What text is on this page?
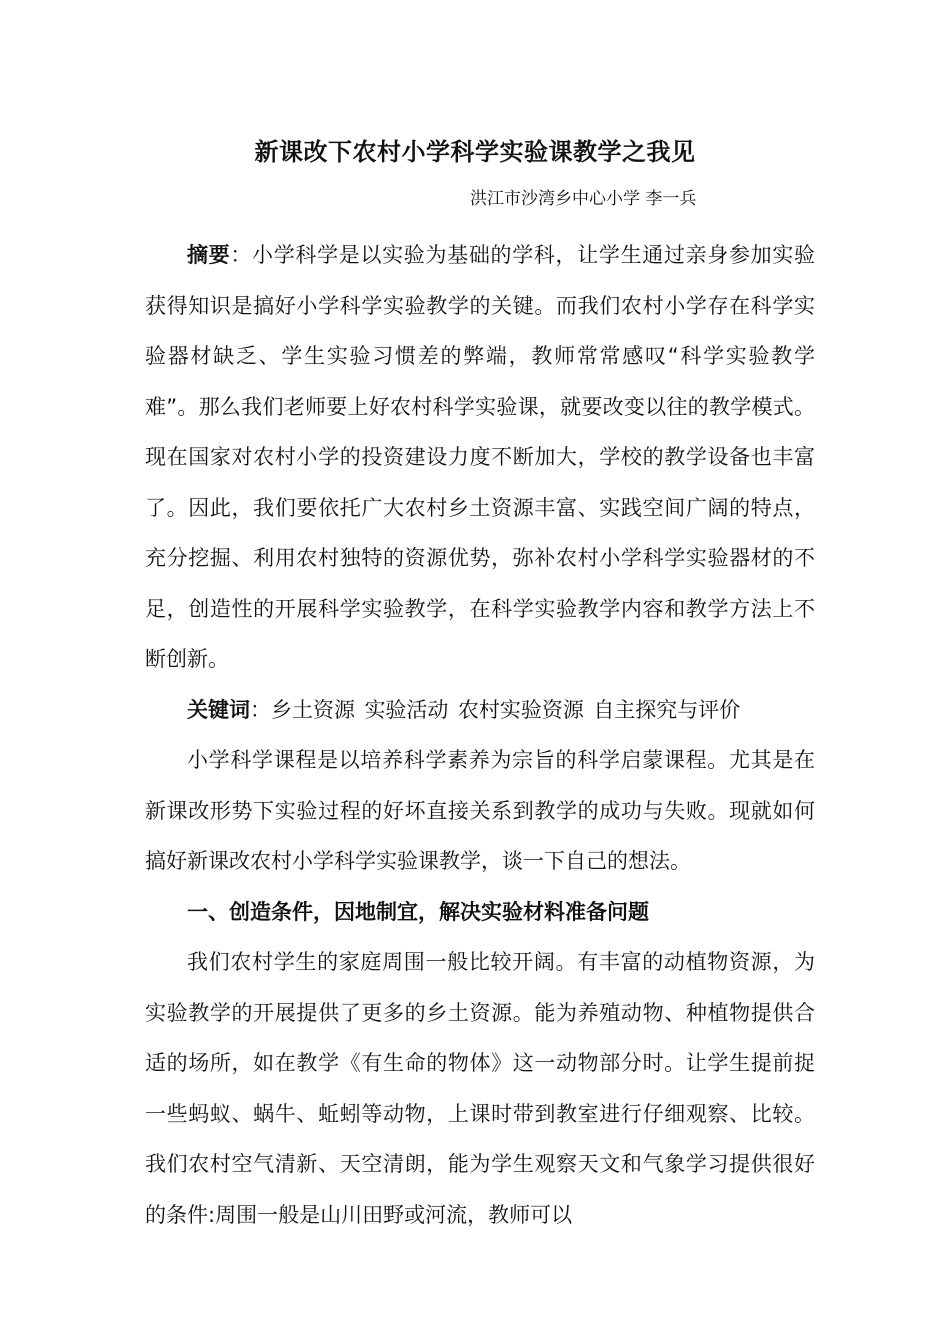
新课改下农村小学科学实验课教学之我见
洪江市沙湾乡中心小学 李一兵

摘要：小学科学是以实验为基础的学科，让学生通过亲身参加实验获得知识是搞好小学科学实验教学的关键。而我们农村小学存在科学实验器材缺乏、学生实验习惯差的弊端，教师常常感叹“科学实验教学难”。那么我们老师要上好农村科学实验课，就要改变以往的教学模式。现在国家对农村小学的投资建设力度不断加大，学校的教学设备也丰富了。因此，我们要依托广大农村乡土资源丰富、实践空间广阔的特点，充分挖掘、利用农村独特的资源优势，弥补农村小学科学实验器材的不足，创造性的开展科学实验教学，在科学实验教学内容和教学方法上不断创新。

关键词：乡土资源 实验活动 农村实验资源 自主探究与评价

小学科学课程是以培养科学素养为宗旨的科学启蒙课程。尤其是在新课改形势下实验过程的好坏直接关系到教学的成功与失败。现就如何搞好新课改农村小学科学实验课教学，谈一下自己的想法。

一、创造条件，因地制宜，解决实验材料准备问题

我们农村学生的家庭周围一般比较开阔。有丰富的动植物资源，为实验教学的开展提供了更多的乡土资源。能为养殖动物、种植物提供合适的场所，如在教学《有生命的物体》这一动物部分时。让学生提前捉一些蚂蚁、蜗牛、蚯蚓等动物，上课时带到教室进行仔细观察、比较。我们农村空气清新、天空清朗，能为学生观察天文和气象学习提供很好的条件:周围一般是山川田野或河流，教师可以
